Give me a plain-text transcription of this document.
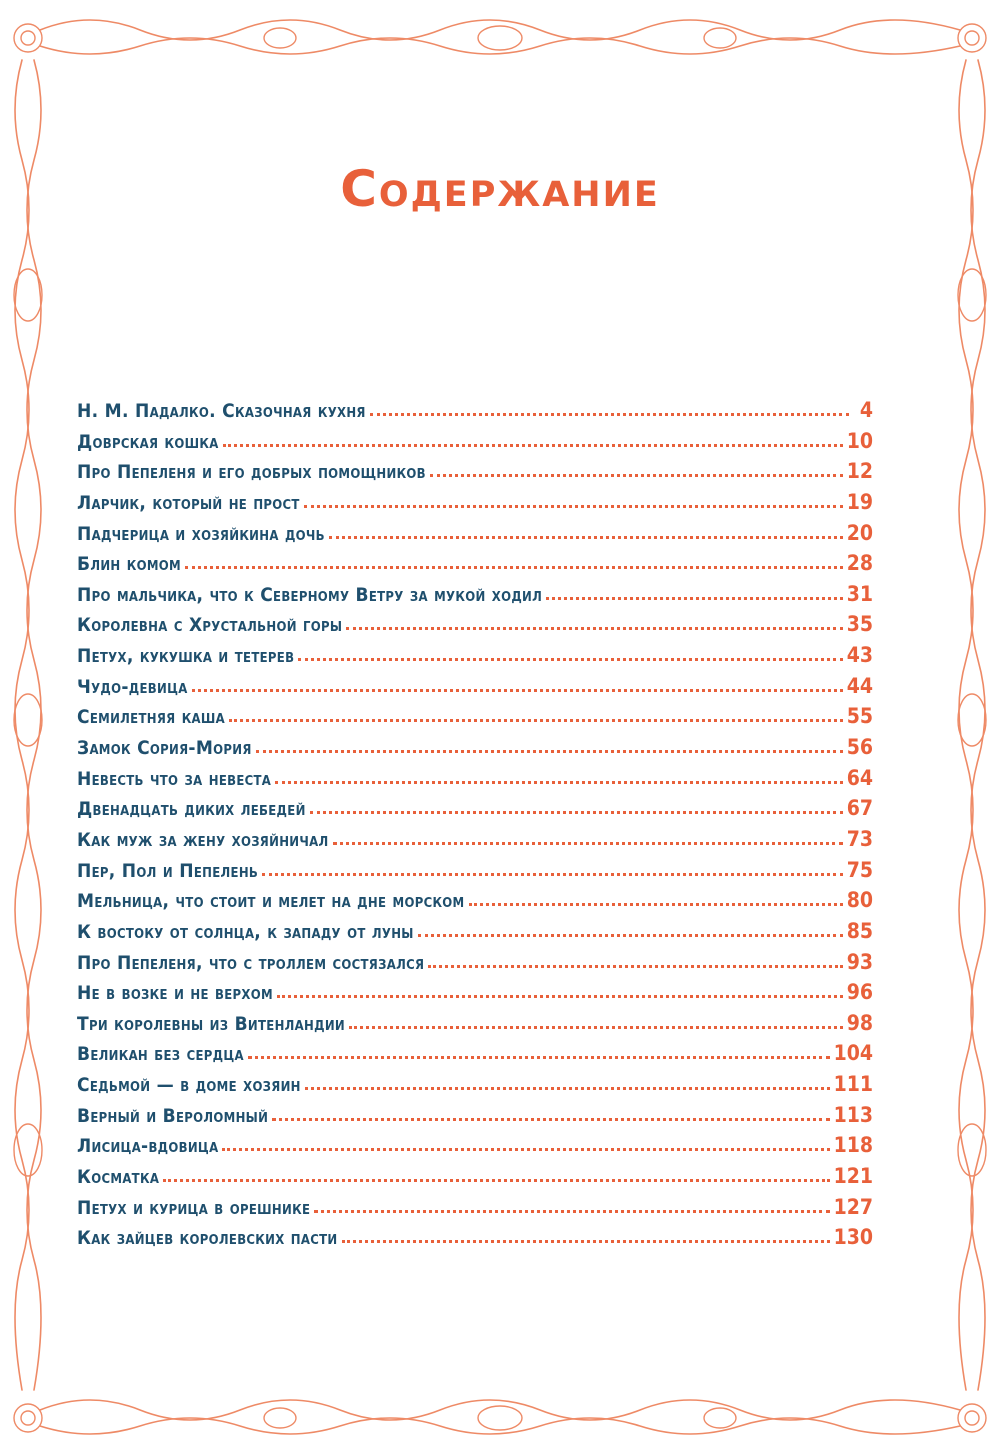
Содержание
Н. М. Падалко. Сказочная кухня	4
Доврская кошка	10
Про Пепеленя и его добрых помощников	12
Ларчик, который не прост	19
Падчерица и хозяйкина дочь	20
Блин комом	28
Про мальчика, что к Северному Ветру за мукой ходил	31
Королевна с Хрустальной горы	35
Петух, кукушка и тетерев	43
Чудо-девица	44
Семилетняя каша	55
Замок Сория-Мория	56
Невесть что за невеста	64
Двенадцать диких лебедей	67
Как муж за жену хозяйничал	73
Пер, Пол и Пепелень	75
Мельница, что стоит и мелет на дне морском	80
К востоку от солнца, к западу от луны	85
Про Пепеленя, что с троллем состязался	93
Не в возке и не верхом	96
Три королевны из Витенландии	98
Великан без сердца	104
Седьмой — в доме хозяин	111
Верный и Вероломный	113
Лисица-вдовица	118
Косматка	121
Петух и курица в орешнике	127
Как зайцев королевских пасти	130
